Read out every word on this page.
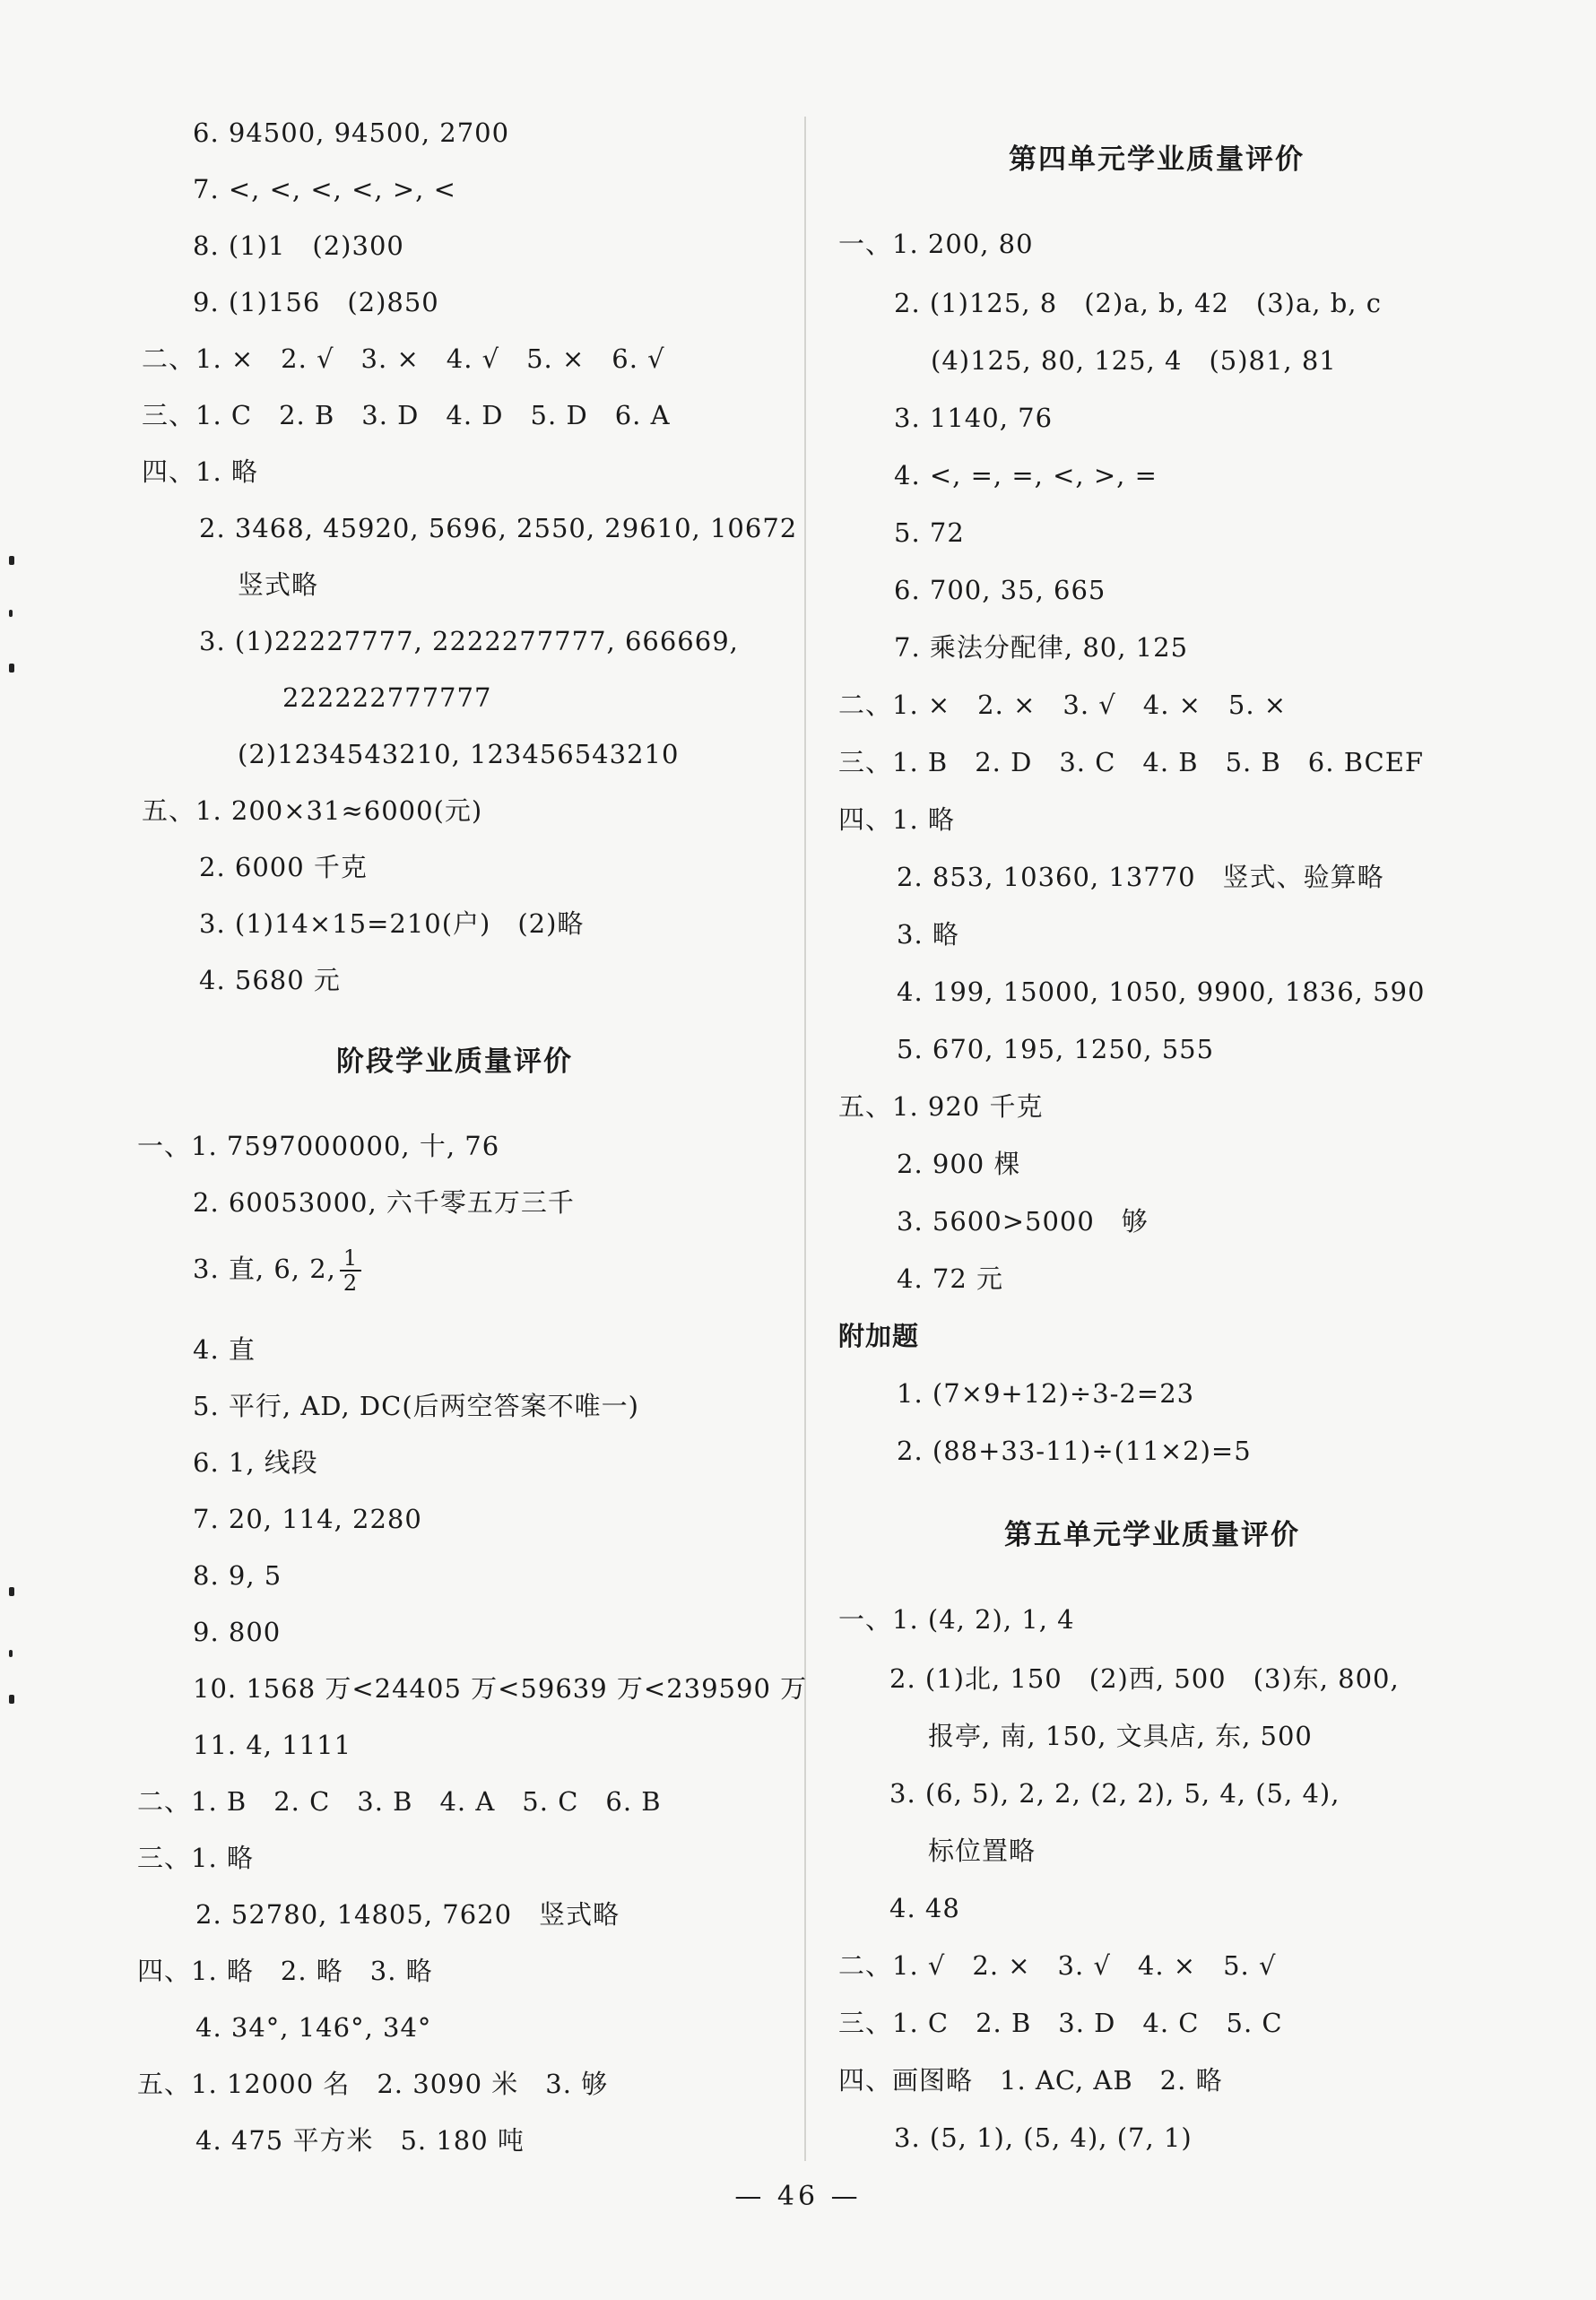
6. 94500, 94500, 2700
7. <, <, <, <, >, <
8. (1)1　(2)300
9. (1)156　(2)850
二、1. ×　2. √　3. ×　4. √　5. ×　6. √
三、1. C　2. B　3. D　4. D　5. D　6. A
四、1. 略
2. 3468, 45920, 5696, 2550, 29610, 10672
竖式略
3. (1)22227777, 2222277777, 666669,
222222777777
(2)1234543210, 123456543210
五、1. 200×31≈6000(元)
2. 6000 千克
3. (1)14×15=210(户)　(2)略
4. 5680 元
阶段学业质量评价
一、1. 7597000000, 十, 76
2. 60053000, 六千零五万三千
3. 直, 6, 2, $\frac{1}{2}$
4. 直
5. 平行, AD, DC(后两空答案不唯一)
6. 1, 线段
7. 20, 114, 2280
8. 9, 5
9. 800
10. 1568 万<24405 万<59639 万<239590 万
11. 4, 1111
二、1. B　2. C　3. B　4. A　5. C　6. B
三、1. 略
2. 52780, 14805, 7620　竖式略
四、1. 略　2. 略　3. 略
4. 34°, 146°, 34°
五、1. 12000 名　2. 3090 米　3. 够
4. 475 平方米　5. 180 吨
第四单元学业质量评价
一、1. 200, 80
2. (1)125, 8　(2)a, b, 42　(3)a, b, c
(4)125, 80, 125, 4　(5)81, 81
3. 1140, 76
4. <, =, =, <, >, =
5. 72
6. 700, 35, 665
7. 乘法分配律, 80, 125
二、1. ×　2. ×　3. √　4. ×　5. ×
三、1. B　2. D　3. C　4. B　5. B　6. BCEF
四、1. 略
2. 853, 10360, 13770　竖式、验算略
3. 略
4. 199, 15000, 1050, 9900, 1836, 590
5. 670, 195, 1250, 555
五、1. 920 千克
2. 900 棵
3. 5600>5000　够
4. 72 元
附加题
1. (7×9+12)÷3-2=23
2. (88+33-11)÷(11×2)=5
第五单元学业质量评价
一、1. (4, 2), 1, 4
2. (1)北, 150　(2)西, 500　(3)东, 800,
报亭, 南, 150, 文具店, 东, 500
3. (6, 5), 2, 2, (2, 2), 5, 4, (5, 4),
标位置略
4. 48
二、1. √　2. ×　3. √　4. ×　5. √
三、1. C　2. B　3. D　4. C　5. C
四、画图略　1. AC, AB　2. 略
3. (5, 1), (5, 4), (7, 1)
— 46 —
